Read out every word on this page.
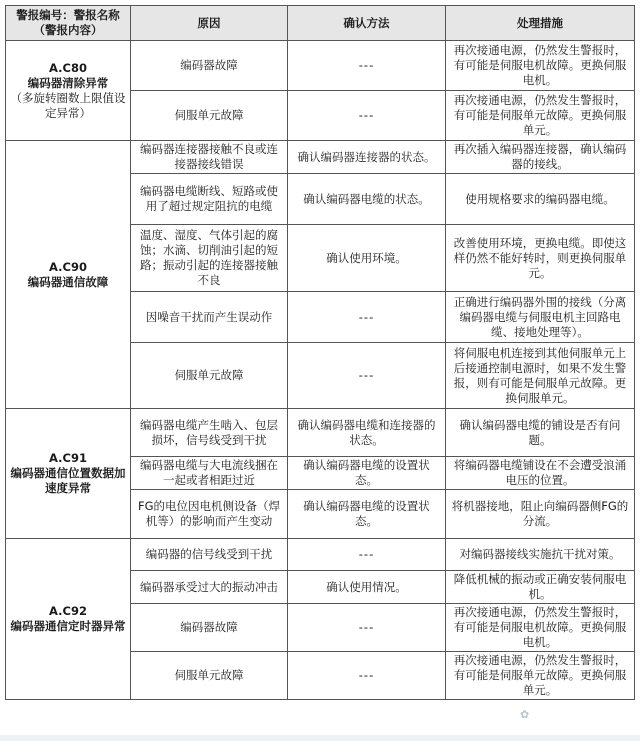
警报编号：警报名称（警报内容）	原因	确认方法	处理措施

A.C80
编码器清除异常
（多旋转圈数上限值设定异常）	编码器故障	---	再次接通电源，仍然发生警报时，有可能是伺服电机故障。更换伺服电机。
	伺服单元故障	---	再次接通电源，仍然发生警报时，有可能是伺服单元故障。更换伺服单元。

A.C90
编码器通信故障	编码器连接器接触不良或连接器接线错误	确认编码器连接器的状态。	再次插入编码器连接器，确认编码器的接线。
	编码器电缆断线、短路或使用了超过规定阻抗的电缆	确认编码器电缆的状态。	使用规格要求的编码器电缆。
	温度、湿度、气体引起的腐蚀；水滴、切削油引起的短路；振动引起的连接器接触不良	确认使用环境。	改善使用环境，更换电缆。即使这样仍然不能好转时，则更换伺服单元。
	因噪音干扰而产生误动作	---	正确进行编码器外围的接线（分离编码器电缆与伺服电机主回路电缆、接地处理等）。
	伺服单元故障	---	将伺服电机连接到其他伺服单元上后接通控制电源时，如果不发生警报，则有可能是伺服单元故障。更换伺服单元。

A.C91
编码器通信位置数据加速度异常	编码器电缆产生啮入、包层损坏，信号线受到干扰	确认编码器电缆和连接器的状态。	确认编码器电缆的铺设是否有问题。
	编码器电缆与大电流线捆在一起或者相距过近	确认编码器电缆的设置状态。	将编码器电缆铺设在不会遭受浪涌电压的位置。
	FG的电位因电机侧设备（焊机等）的影响而产生变动	确认编码器电缆的设置状态。	将机器接地，阻止向编码器侧FG的分流。

A.C92
编码器通信定时器异常	编码器的信号线受到干扰	---	对编码器接线实施抗干扰对策。
	编码器承受过大的振动冲击	确认使用情况。	降低机械的振动或正确安装伺服电机。
	编码器故障	---	再次接通电源，仍然发生警报时，有可能是伺服电机故障。更换伺服电机。
	伺服单元故障	---	再次接通电源，仍然发生警报时，有可能是伺服单元故障。更换伺服单元。
✿
